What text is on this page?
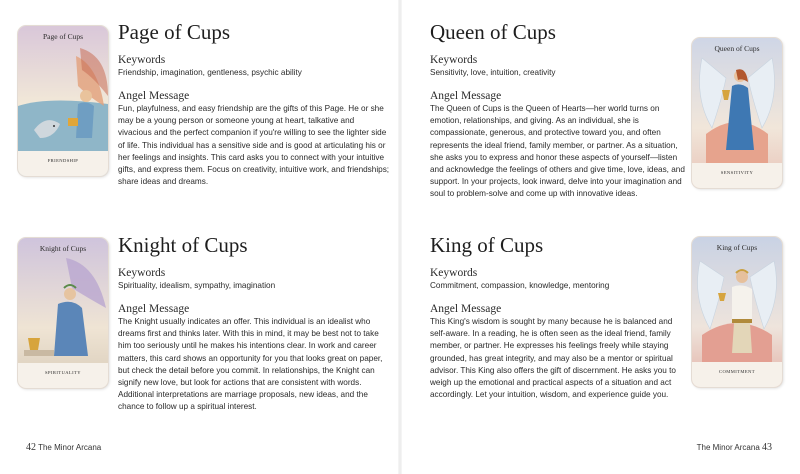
Page of Cups
FRIENDSHIP
Page of Cups
Keywords

Friendship, imagination, gentleness, psychic ability

Angel Message

Fun, playfulness, and easy friendship are the gifts of this Page. He or she may be a young person or someone young at heart, talkative and vivacious and the perfect companion if you're willing to see the lighter side of life. This individual has a sensitive side and is good at articulating his or her feelings and insights. This card asks you to connect with your intuitive gifts, and express them. Focus on creativity, intuitive work, and friendships; share ideas and dreams.

Knight of Cups
SPIRITUALITY
Knight of Cups
Keywords

Spirituality, idealism, sympathy, imagination

Angel Message

The Knight usually indicates an offer. This individual is an idealist who dreams first and thinks later. With this in mind, it may be best not to take him too seriously until he makes his intentions clear. In work and career matters, this card shows an opportunity for you that looks great on paper, but check the detail before you commit. In relationships, the Knight can signify new love, but look for actions that are consistent with words. Additional interpretations are marriage proposals, new ideas, and the chance to follow up a spiritual interest.

42 The Minor Arcana
Queen of Cups
Keywords

Sensitivity, love, intuition, creativity

Angel Message

The Queen of Cups is the Queen of Hearts—her world turns on emotion, relationships, and giving. As an individual, she is compassionate, generous, and protective toward you, and often represents the ideal friend, family member, or partner. As a situation, she asks you to express and honor these aspects of yourself—listen and acknowledge the feelings of others and give time, love, ideas, and support. In your projects, look inward, delve into your imagination and soul to problem-solve and come up with innovative ideas.

Queen of Cups
SENSITIVITY
King of Cups
Keywords

Commitment, compassion, knowledge, mentoring

Angel Message

This King's wisdom is sought by many because he is balanced and self-aware. In a reading, he is often seen as the ideal friend, family member, or partner. He expresses his feelings freely while staying grounded, has great integrity, and may also be a mentor or spiritual advisor. This King also offers the gift of discernment. He asks you to weigh up the emotional and practical aspects of a situation and act accordingly. Let your intuition, wisdom, and experience guide you.

King of Cups
COMMITMENT
The Minor Arcana 43
